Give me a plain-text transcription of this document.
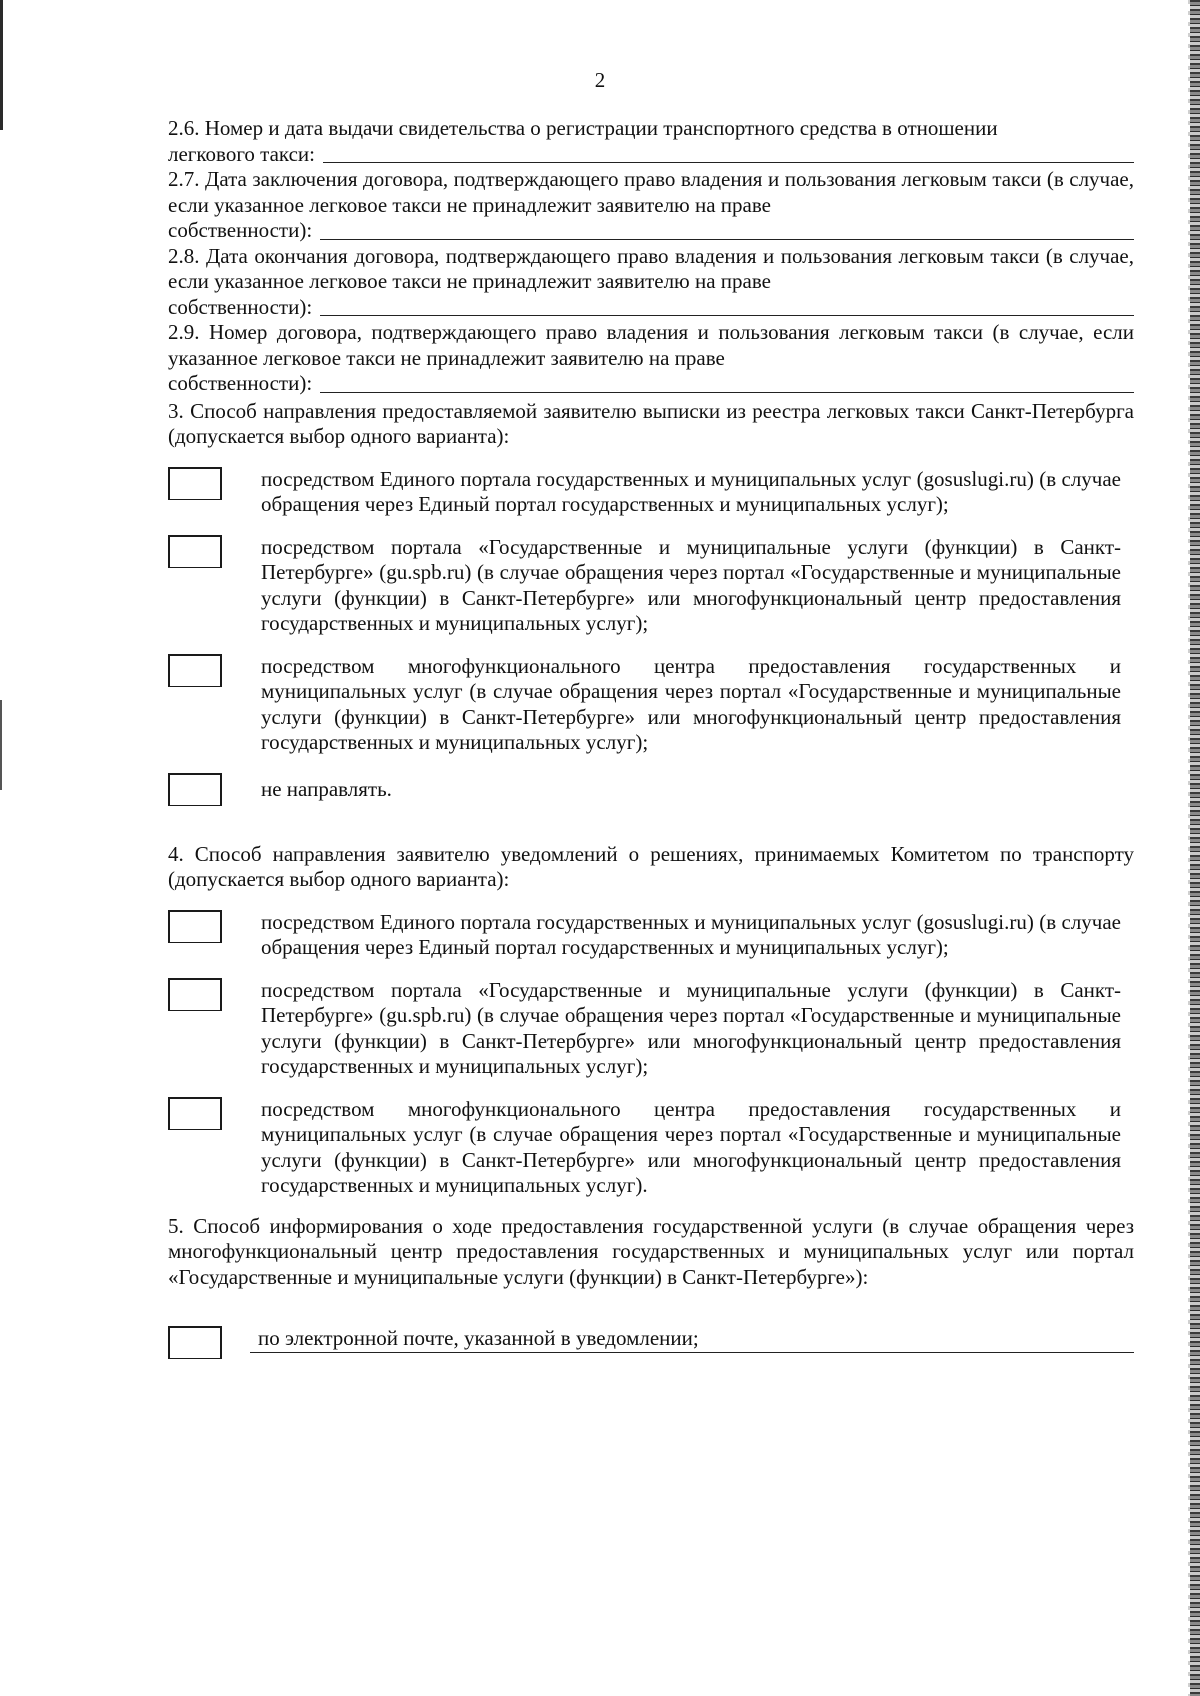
2
2.6. Номер и дата выдачи свидетельства о регистрации транспортного средства в отношении
легкового такси:
2.7. Дата заключения договора, подтверждающего право владения и пользования легковым такси (в случае, если указанное легковое такси не принадлежит заявителю на праве
собственности):
2.8. Дата окончания договора, подтверждающего право владения и пользования легковым такси (в случае, если указанное легковое такси не принадлежит заявителю на праве
собственности):
2.9. Номер договора, подтверждающего право владения и пользования легковым такси (в случае, если указанное легковое такси не принадлежит заявителю на праве
собственности):
3. Способ направления предоставляемой заявителю выписки из реестра легковых такси Санкт-Петербурга (допускается выбор одного варианта):
посредством Единого портала государственных и муниципальных услуг (gosuslugi.ru) (в случае обращения через Единый портал государственных и муниципальных услуг);
посредством портала «Государственные и муниципальные услуги (функции) в Санкт-Петербурге» (gu.spb.ru) (в случае обращения через портал «Государственные и муниципальные услуги (функции) в Санкт-Петербурге» или многофункциональный центр предоставления государственных и муниципальных услуг);
посредством многофункционального центра предоставления государственных и муниципальных услуг (в случае обращения через портал «Государственные и муниципальные услуги (функции) в Санкт-Петербурге» или многофункциональный центр предоставления государственных и муниципальных услуг);
не направлять.
4. Способ направления заявителю уведомлений о решениях, принимаемых Комитетом по транспорту (допускается выбор одного варианта):
посредством Единого портала государственных и муниципальных услуг (gosuslugi.ru) (в случае обращения через Единый портал государственных и муниципальных услуг);
посредством портала «Государственные и муниципальные услуги (функции) в Санкт-Петербурге» (gu.spb.ru) (в случае обращения через портал «Государственные и муниципальные услуги (функции) в Санкт-Петербурге» или многофункциональный центр предоставления государственных и муниципальных услуг);
посредством многофункционального центра предоставления государственных и муниципальных услуг (в случае обращения через портал «Государственные и муниципальные услуги (функции) в Санкт-Петербурге» или многофункциональный центр предоставления государственных и муниципальных услуг).
5. Способ информирования о ходе предоставления государственной услуги (в случае обращения через многофункциональный центр предоставления государственных и муниципальных услуг или портал «Государственные и муниципальные услуги (функции) в Санкт-Петербурге»):
по электронной почте, указанной в уведомлении;
